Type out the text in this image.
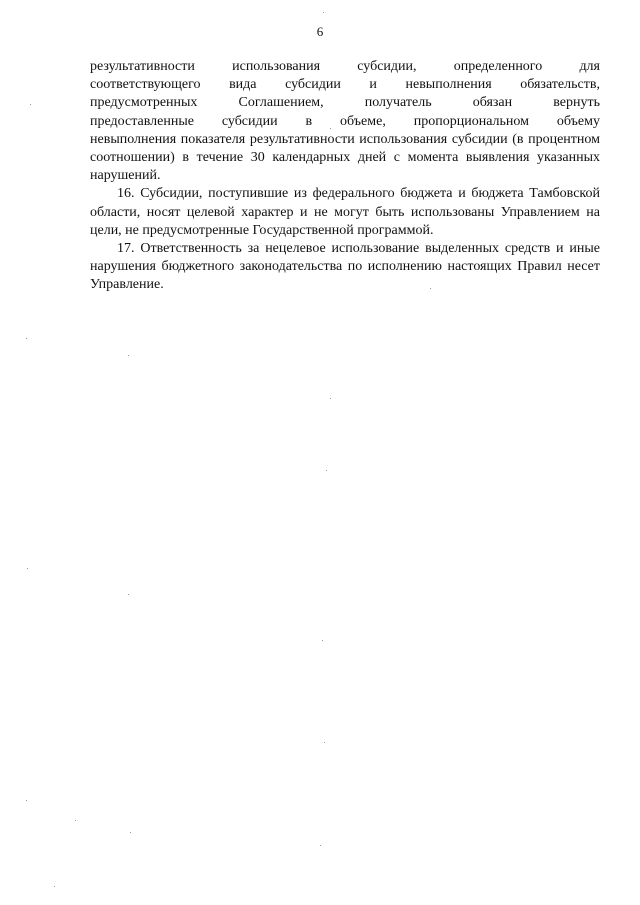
6
результативности	использования	субсидии,	определенного	для
соответствующего вида субсидии и невыполнения обязательств,
предусмотренных	Соглашением,	получатель	обязан	вернуть
предоставленные субсидии в объеме, пропорциональном объему

невыполнения показателя результативности использования субсидии (в процентном соотношении) в течение 30 календарных дней с момента выявления указанных нарушений.

16. Субсидии, поступившие из федерального бюджета и бюджета Тамбовской области, носят целевой характер и не могут быть использованы Управлением на цели, не предусмотренные Государственной программой.

17. Ответственность за нецелевое использование выделенных средств и иные нарушения бюджетного законодательства по исполнению настоящих Правил несет Управление.
